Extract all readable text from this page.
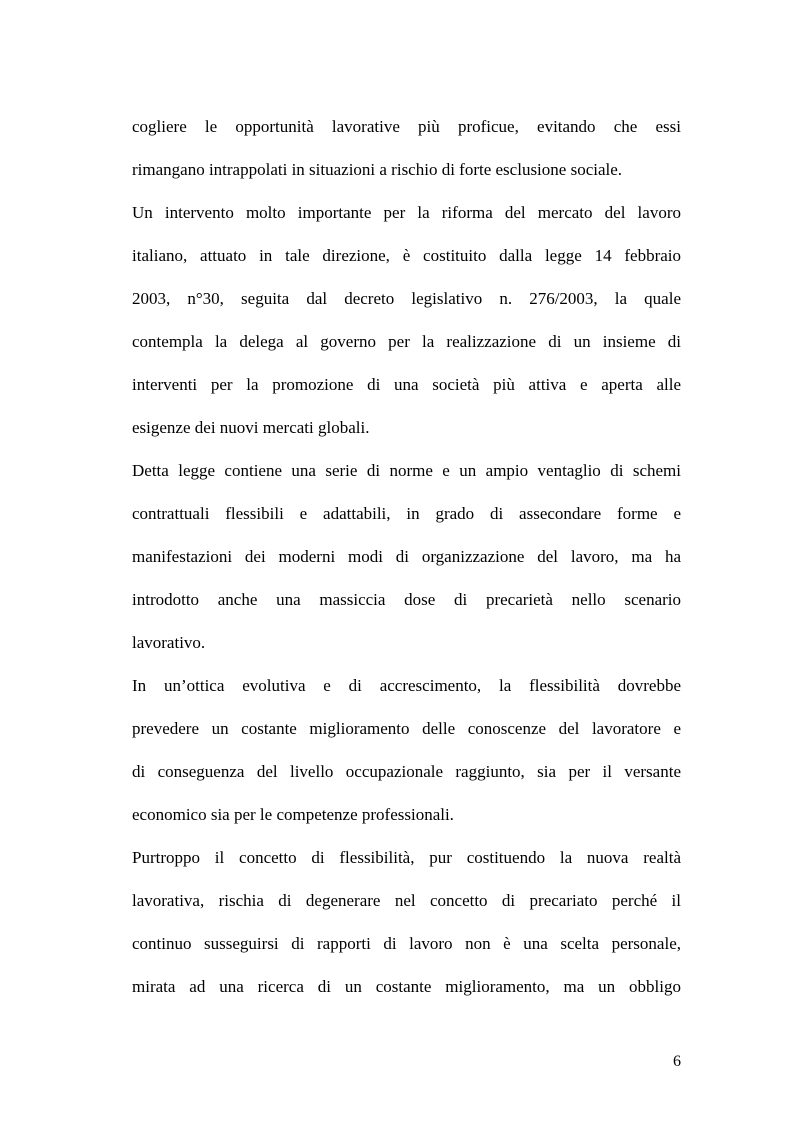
cogliere le opportunità lavorative più proficue, evitando che essi
rimangano intrappolati in situazioni a rischio di forte esclusione sociale.
Un intervento molto importante per la riforma del mercato del lavoro
italiano, attuato in tale direzione, è costituito dalla legge 14 febbraio
2003, n°30, seguita dal decreto legislativo n. 276/2003, la quale
contempla la delega al governo per la realizzazione di un insieme di
interventi per la promozione di una società più attiva e aperta alle
esigenze dei nuovi mercati globali.
Detta legge contiene una serie di norme e un ampio ventaglio di schemi
contrattuali flessibili e adattabili, in grado di assecondare forme e
manifestazioni dei moderni modi di organizzazione del lavoro, ma ha
introdotto anche una massiccia dose di precarietà nello scenario
lavorativo.
In un’ottica evolutiva e di accrescimento, la flessibilità dovrebbe
prevedere un costante miglioramento delle conoscenze del lavoratore e
di conseguenza del livello occupazionale raggiunto, sia per il versante
economico sia per le competenze professionali.
Purtroppo il concetto di flessibilità, pur costituendo la nuova realtà
lavorativa, rischia di degenerare nel concetto di precariato perché il
continuo susseguirsi di rapporti di lavoro non è una scelta personale,
mirata ad una ricerca di un costante miglioramento, ma un obbligo
6
